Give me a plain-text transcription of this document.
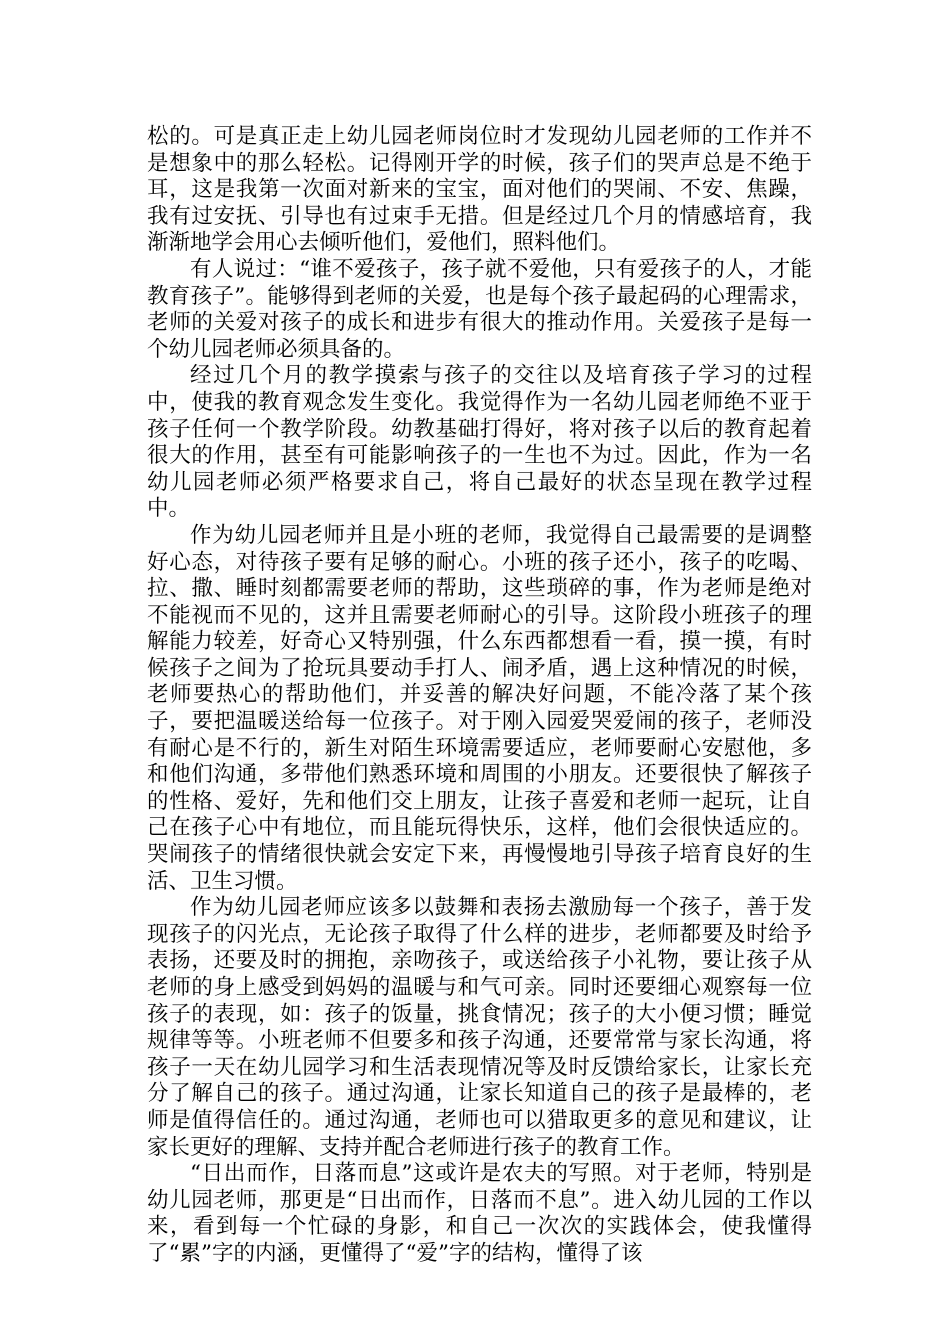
松的。可是真正走上幼儿园老师岗位时才发现幼儿园老师的工作并不是想象中的那么轻松。记得刚开学的时候，孩子们的哭声总是不绝于耳，这是我第一次面对新来的宝宝，面对他们的哭闹、不安、焦躁，我有过安抚、引导也有过束手无措。但是经过几个月的情感培育，我渐渐地学会用心去倾听他们，爱他们，照料他们。

有人说过：“谁不爱孩子，孩子就不爱他，只有爱孩子的人，才能教育孩子”。能够得到老师的关爱，也是每个孩子最起码的心理需求，老师的关爱对孩子的成长和进步有很大的推动作用。关爱孩子是每一个幼儿园老师必须具备的。

经过几个月的教学摸索与孩子的交往以及培育孩子学习的过程中，使我的教育观念发生变化。我觉得作为一名幼儿园老师绝不亚于孩子任何一个教学阶段。幼教基础打得好，将对孩子以后的教育起着很大的作用，甚至有可能影响孩子的一生也不为过。因此，作为一名幼儿园老师必须严格要求自己，将自己最好的状态呈现在教学过程中。

作为幼儿园老师并且是小班的老师，我觉得自己最需要的是调整好心态，对待孩子要有足够的耐心。小班的孩子还小，孩子的吃喝、拉、撒、睡时刻都需要老师的帮助，这些琐碎的事，作为老师是绝对不能视而不见的，这并且需要老师耐心的引导。这阶段小班孩子的理解能力较差，好奇心又特别强，什么东西都想看一看，摸一摸，有时候孩子之间为了抢玩具要动手打人、闹矛盾，遇上这种情况的时候，老师要热心的帮助他们，并妥善的解决好问题，不能冷落了某个孩子，要把温暖送给每一位孩子。对于刚入园爱哭爱闹的孩子，老师没有耐心是不行的，新生对陌生环境需要适应，老师要耐心安慰他，多和他们沟通，多带他们熟悉环境和周围的小朋友。还要很快了解孩子的性格、爱好，先和他们交上朋友，让孩子喜爱和老师一起玩，让自己在孩子心中有地位，而且能玩得快乐，这样，他们会很快适应的。哭闹孩子的情绪很快就会安定下来，再慢慢地引导孩子培育良好的生活、卫生习惯。

作为幼儿园老师应该多以鼓舞和表扬去激励每一个孩子，善于发现孩子的闪光点，无论孩子取得了什么样的进步，老师都要及时给予表扬，还要及时的拥抱，亲吻孩子，或送给孩子小礼物，要让孩子从老师的身上感受到妈妈的温暖与和气可亲。同时还要细心观察每一位孩子的表现，如：孩子的饭量，挑食情况；孩子的大小便习惯；睡觉规律等等。小班老师不但要多和孩子沟通，还要常常与家长沟通，将孩子一天在幼儿园学习和生活表现情况等及时反馈给家长，让家长充分了解自己的孩子。通过沟通，让家长知道自己的孩子是最棒的，老师是值得信任的。通过沟通，老师也可以猎取更多的意见和建议，让家长更好的理解、支持并配合老师进行孩子的教育工作。

“日出而作，日落而息”这或许是农夫的写照。对于老师，特别是幼儿园老师，那更是“日出而作，日落而不息”。进入幼儿园的工作以来，看到每一个忙碌的身影，和自己一次次的实践体会，使我懂得了“累”字的内涵，更懂得了“爱”字的结构，懂得了该
